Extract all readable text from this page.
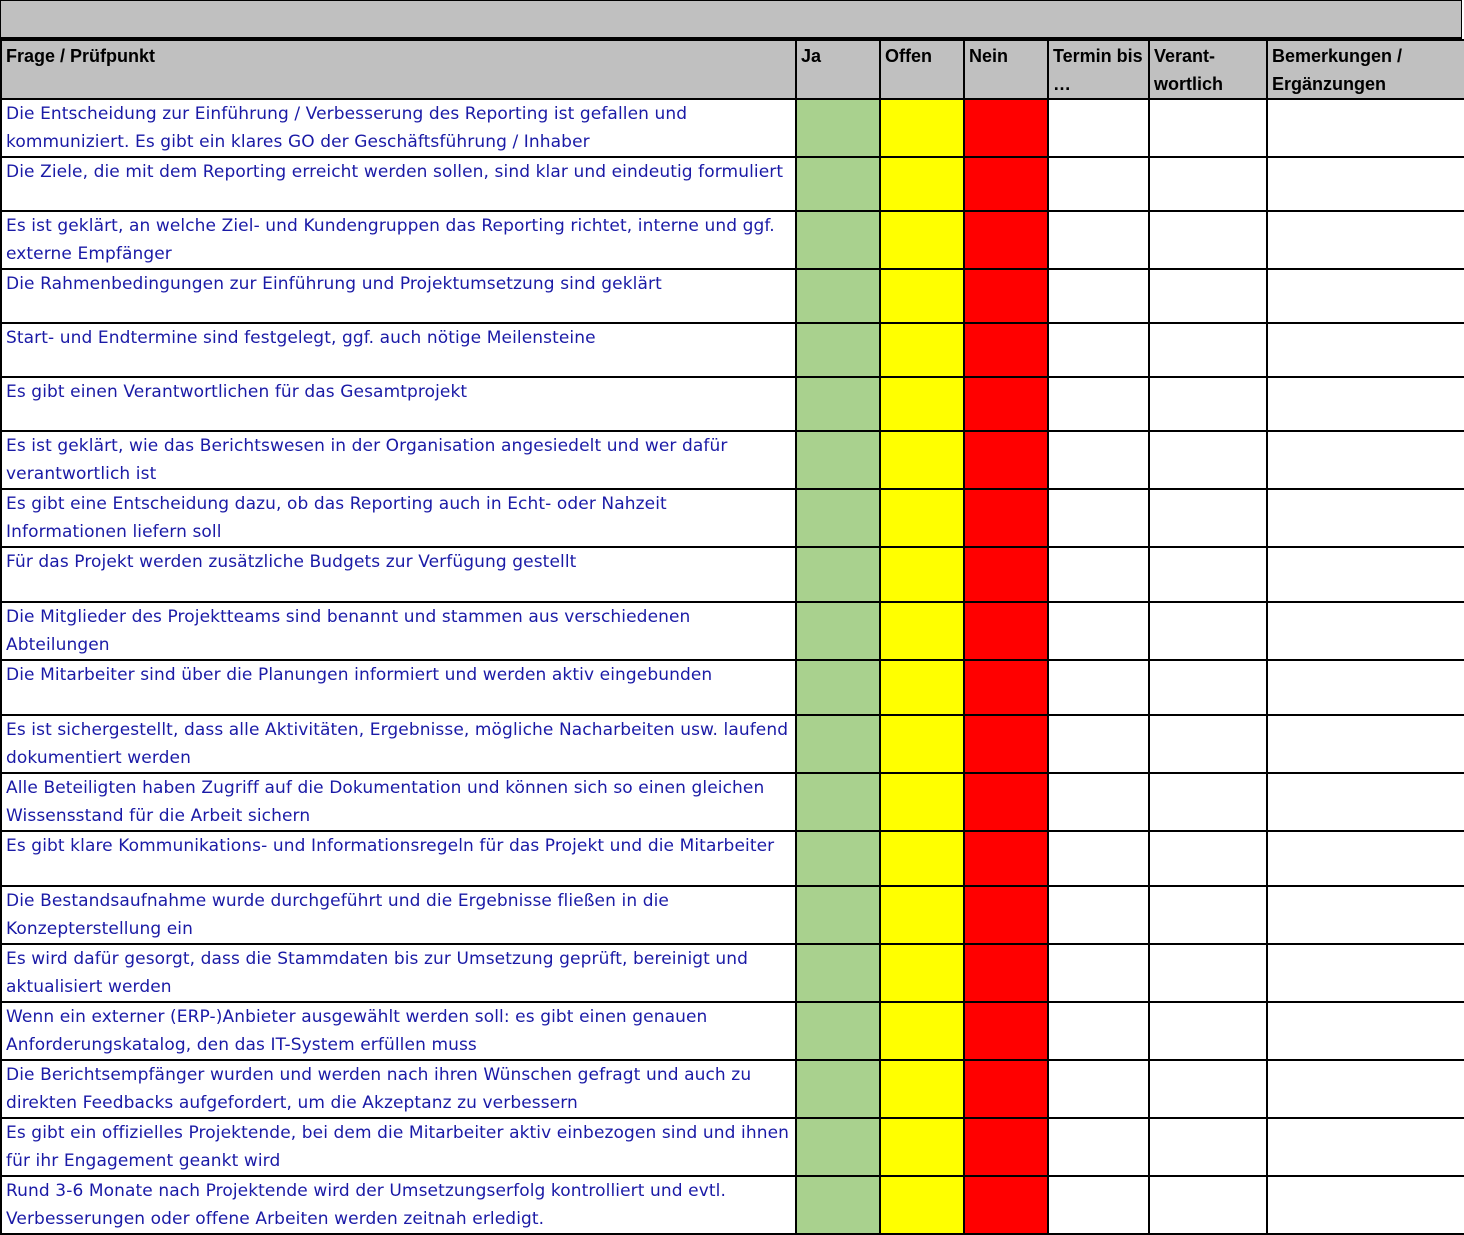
Frage / Prüfpunkt	Ja	Offen	Nein	Termin bis …	Verant-wortlich	Bemerkungen / Ergänzungen
Die Entscheidung zur Einführung / Verbesserung des Reporting ist gefallen und kommuniziert. Es gibt ein klares GO der Geschäftsführung / Inhaber						
Die Ziele, die mit dem Reporting erreicht werden sollen, sind klar und eindeutig formuliert						
Es ist geklärt, an welche Ziel- und Kundengruppen das Reporting richtet, interne und ggf. externe Empfänger						
Die Rahmenbedingungen zur Einführung und Projektumsetzung sind geklärt						
Start- und Endtermine sind festgelegt, ggf. auch nötige Meilensteine						
Es gibt einen Verantwortlichen für das Gesamtprojekt						
Es ist geklärt, wie das Berichtswesen in der Organisation angesiedelt und wer dafür verantwortlich ist						
Es gibt eine Entscheidung dazu, ob das Reporting auch in Echt- oder Nahzeit Informationen liefern soll						
Für das Projekt werden zusätzliche Budgets zur Verfügung gestellt						
Die Mitglieder des Projektteams sind benannt und stammen aus verschiedenen Abteilungen						
Die Mitarbeiter sind über die Planungen informiert und werden aktiv eingebunden						
Es ist sichergestellt, dass alle Aktivitäten, Ergebnisse, mögliche Nacharbeiten usw. laufend dokumentiert werden						
Alle Beteiligten haben Zugriff auf die Dokumentation und können sich so einen gleichen Wissensstand für die Arbeit sichern						
Es gibt klare Kommunikations- und Informationsregeln für das Projekt und die Mitarbeiter						
Die Bestandsaufnahme wurde durchgeführt und die Ergebnisse fließen in die Konzepterstellung ein						
Es wird dafür gesorgt, dass die Stammdaten bis zur Umsetzung geprüft, bereinigt und aktualisiert werden						
Wenn ein externer (ERP-)Anbieter ausgewählt werden soll: es gibt einen genauen Anforderungskatalog, den das IT-System erfüllen muss						
Die Berichtsempfänger wurden und werden nach ihren Wünschen gefragt und auch zu direkten Feedbacks aufgefordert, um die Akzeptanz zu verbessern						
Es gibt ein offizielles Projektende, bei dem die Mitarbeiter aktiv einbezogen sind und ihnen für ihr Engagement geankt wird						
Rund 3-6 Monate nach Projektende wird der Umsetzungserfolg kontrolliert und evtl. Verbesserungen oder offene Arbeiten werden zeitnah erledigt.						
